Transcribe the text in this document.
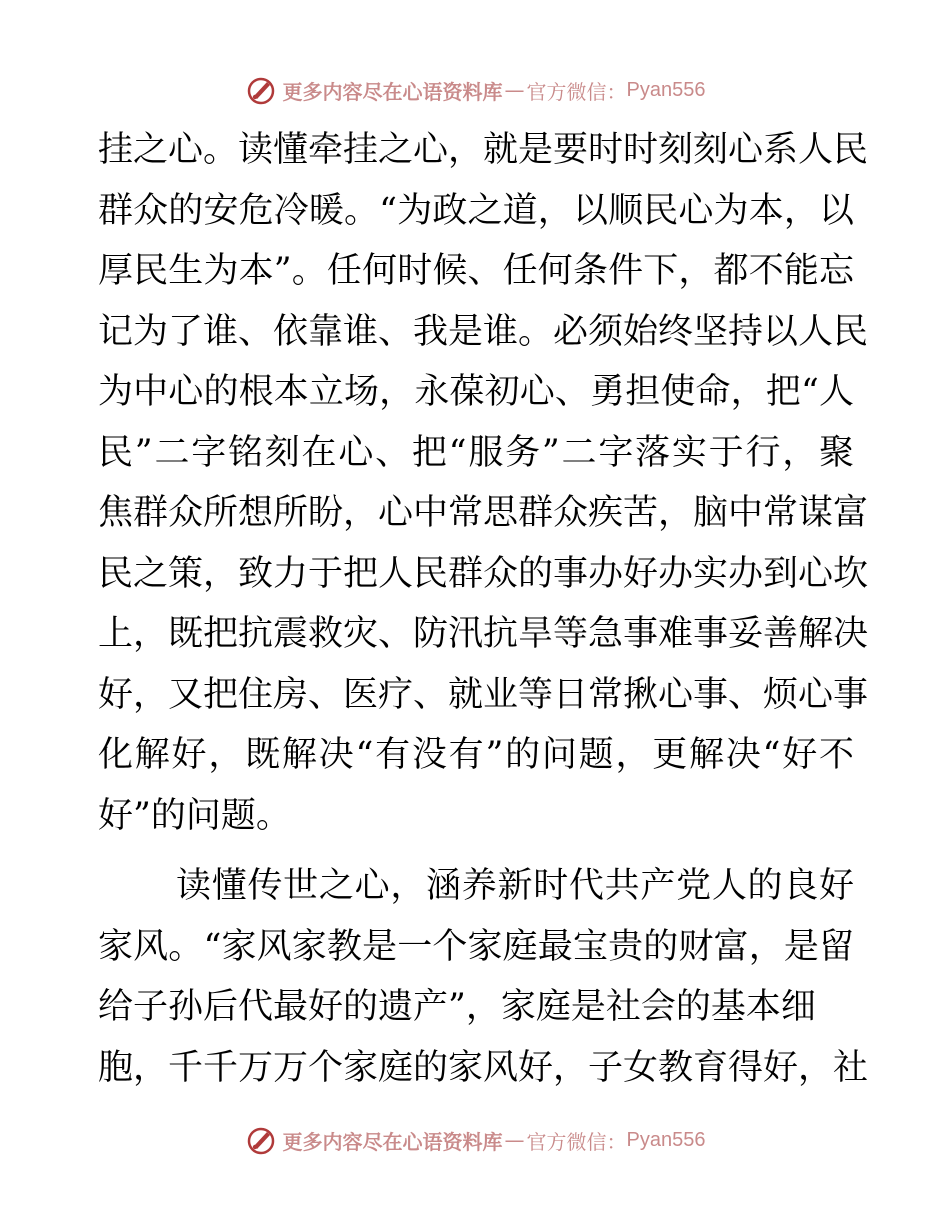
更多内容尽在心语资料库 — 官方微信： Pyan556
挂之心。读懂牵挂之心，就是要时时刻刻心系人民
群众的安危冷暖。“为政之道，以顺民心为本，以
厚民生为本”。任何时候、任何条件下，都不能忘
记为了谁、依靠谁、我是谁。必须始终坚持以人民
为中心的根本立场，永葆初心、勇担使命，把“人
民”二字铭刻在心、把“服务”二字落实于行，聚
焦群众所想所盼，心中常思群众疾苦，脑中常谋富
民之策，致力于把人民群众的事办好办实办到心坎
上，既把抗震救灾、防汛抗旱等急事难事妥善解决
好，又把住房、医疗、就业等日常揪心事、烦心事
化解好，既解决“有没有”的问题，更解决“好不
好”的问题。
读懂传世之心，涵养新时代共产党人的良好
家风。“家风家教是一个家庭最宝贵的财富，是留
给子孙后代最好的遗产”，家庭是社会的基本细
胞，千千万万个家庭的家风好，子女教育得好，社
更多内容尽在心语资料库 — 官方微信： Pyan556
